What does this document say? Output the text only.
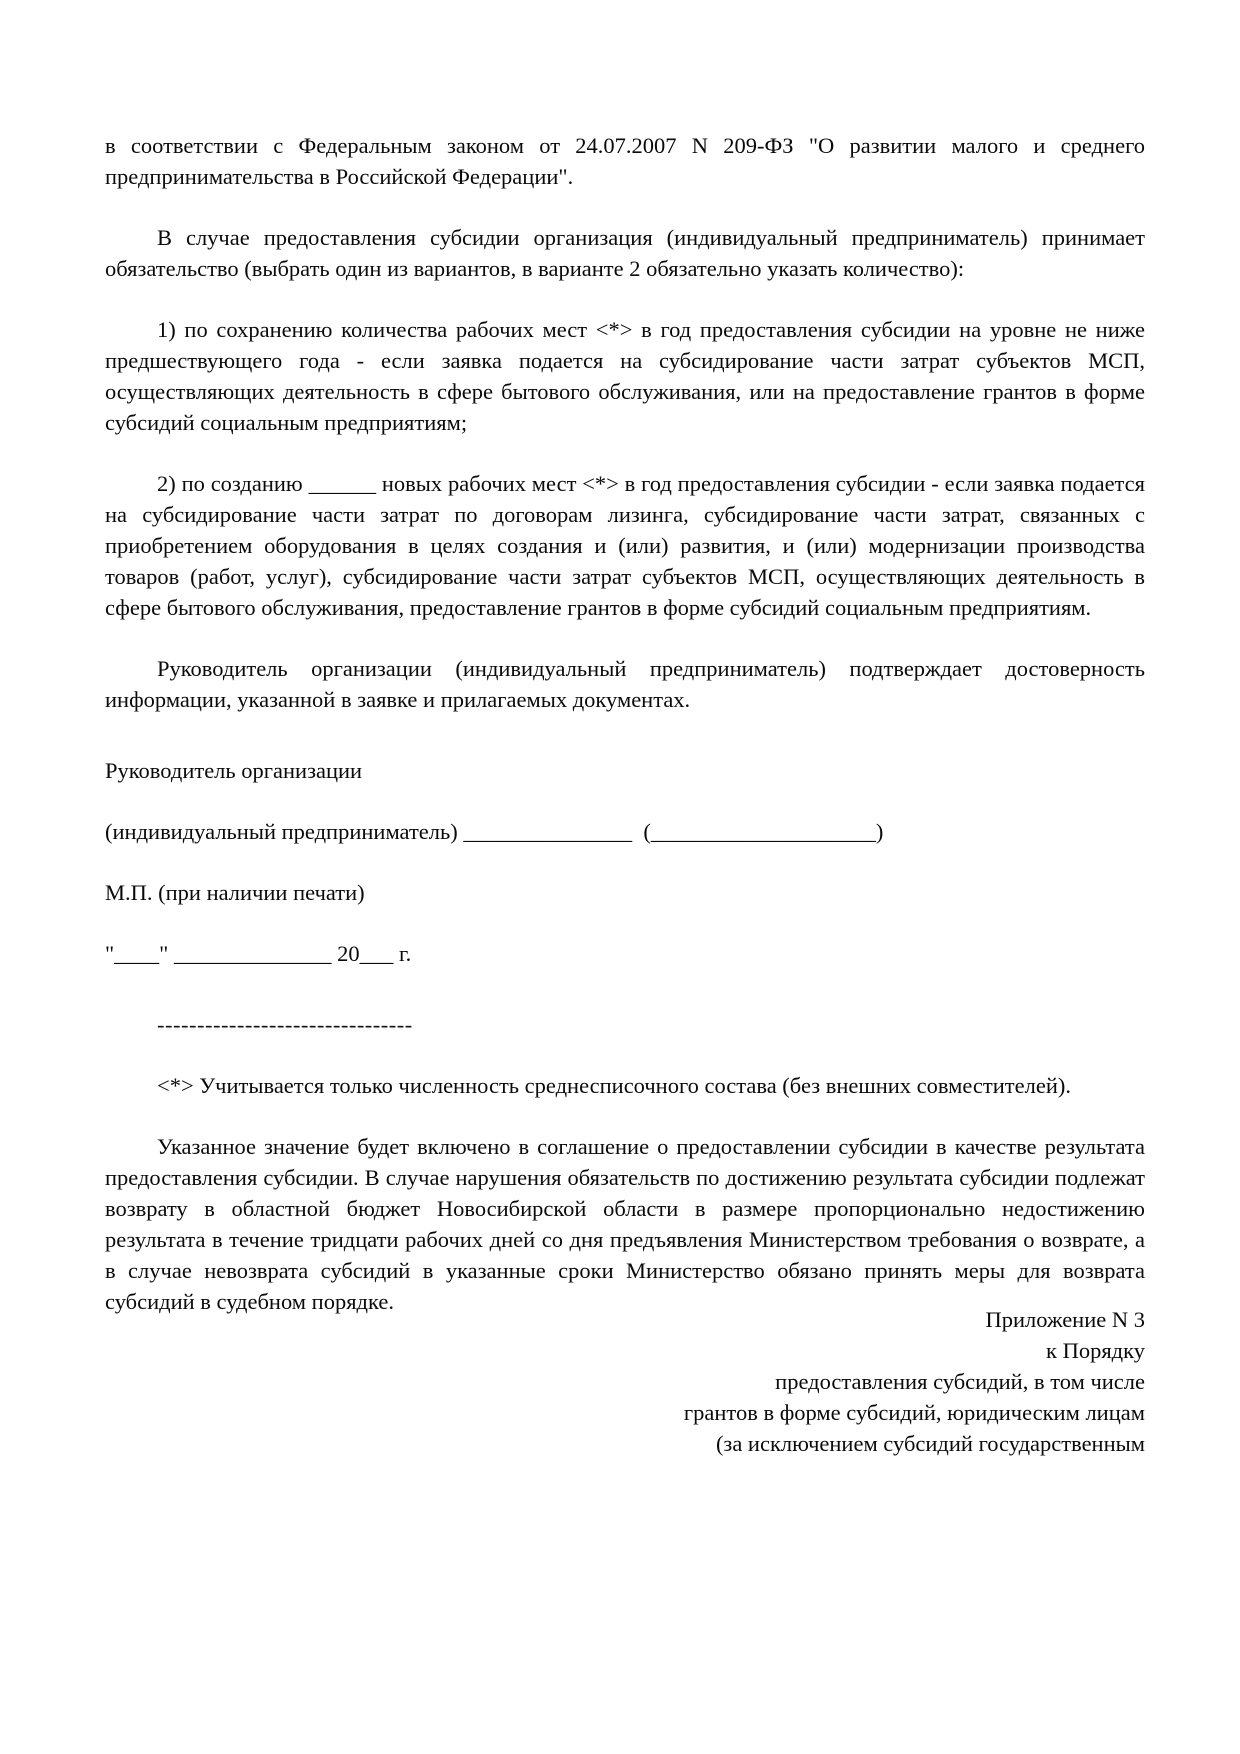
в соответствии с Федеральным законом от 24.07.2007 N 209-ФЗ "О развитии малого и среднего предпринимательства в Российской Федерации".

В случае предоставления субсидии организация (индивидуальный предприниматель) принимает обязательство (выбрать один из вариантов, в варианте 2 обязательно указать количество):

1) по сохранению количества рабочих мест <*> в год предоставления субсидии на уровне не ниже предшествующего года - если заявка подается на субсидирование части затрат субъектов МСП, осуществляющих деятельность в сфере бытового обслуживания, или на предоставление грантов в форме субсидий социальным предприятиям;

2) по созданию ______ новых рабочих мест <*> в год предоставления субсидии - если заявка подается на субсидирование части затрат по договорам лизинга, субсидирование части затрат, связанных с приобретением оборудования в целях создания и (или) развития, и (или) модернизации производства товаров (работ, услуг), субсидирование части затрат субъектов МСП, осуществляющих деятельность в сфере бытового обслуживания, предоставление грантов в форме субсидий социальным предприятиям.

Руководитель организации (индивидуальный предприниматель) подтверждает достоверность информации, указанной в заявке и прилагаемых документах.

Руководитель организации

(индивидуальный предприниматель) _______________  (____________________)

М.П. (при наличии печати)

"____" ______________ 20___ г.

--------------------------------

<*> Учитывается только численность среднесписочного состава (без внешних совместителей).

Указанное значение будет включено в соглашение о предоставлении субсидии в качестве результата предоставления субсидии. В случае нарушения обязательств по достижению результата субсидии подлежат возврату в областной бюджет Новосибирской области в размере пропорционально недостижению результата в течение тридцати рабочих дней со дня предъявления Министерством требования о возврате, а в случае невозврата субсидий в указанные сроки Министерство обязано принять меры для возврата субсидий в судебном порядке.

Приложение N 3
к Порядку
предоставления субсидий, в том числе
грантов в форме субсидий, юридическим лицам
(за исключением субсидий государственным
